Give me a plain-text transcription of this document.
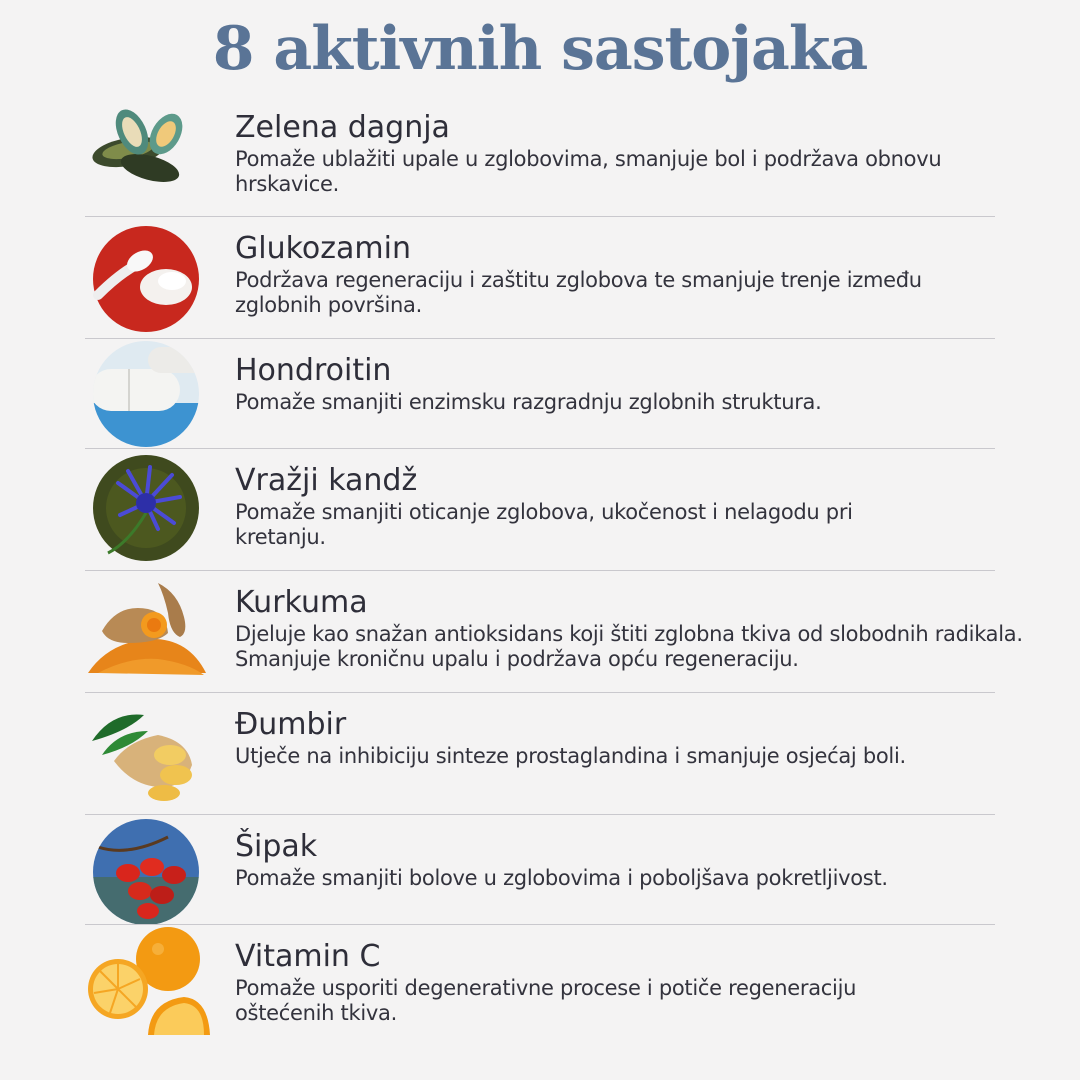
8 aktivnih sastojaka
Zelena dagnja
Pomaže ublažiti upale u zglobovima, smanjuje bol i podržava obnovu hrskavice.
Glukozamin
Podržava regeneraciju i zaštitu zglobova te smanjuje trenje između zglobnih površina.
Hondroitin
Pomaže smanjiti enzimsku razgradnju zglobnih struktura.
Vražji kandž
Pomaže smanjiti oticanje zglobova, ukočenost i nelagodu pri kretanju.
Kurkuma
Djeluje kao snažan antioksidans koji štiti zglobna tkiva od slobodnih radikala. Smanjuje kroničnu upalu i podržava opću regeneraciju.
Đumbir
Utječe na inhibiciju sinteze prostaglandina i smanjuje osjećaj boli.
Šipak
Pomaže smanjiti bolove u zglobovima i poboljšava pokretljivost.
Vitamin C
Pomaže usporiti degenerativne procese i potiče regeneraciju oštećenih tkiva.
